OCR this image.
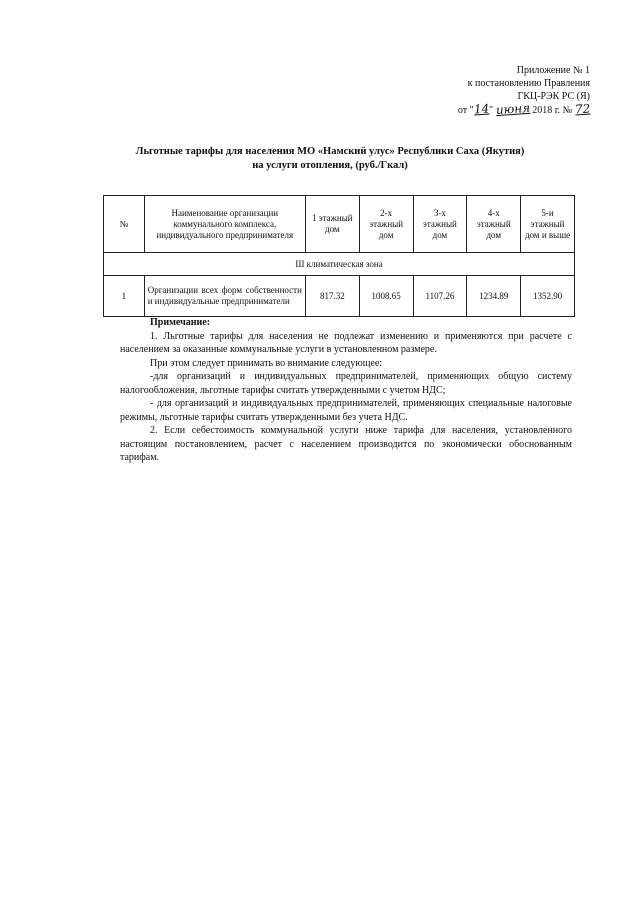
Приложение № 1
к постановлению Правления
ГКЦ-РЭК РС (Я)
от "14" июня 2018 г. № 72
Льготные тарифы для населения МО «Намский улус» Республики Саха (Якутия)
на услуги отопления, (руб./Гкал)
№	Наименование организации коммунального комплекса, индивидуального предпринимателя	1 этажный дом	2-х этажный дом	3-х этажный дом	4-х этажный дом	5-и этажный дом и выше
Ш климатическая зона						
1	Организации всех форм собственности и индивидуальные предприниматели	817.32	1008.65	1107.26	1234.89	1352.90
Примечание:

1. Льготные тарифы для населения не подлежат изменению и применяются при расчете с населением за оказанные коммунальные услуги в установленном размере.

При этом следует принимать во внимание следующее:

-для организаций и индивидуальных предпринимателей, применяющих общую систему налогообложения, льготные тарифы считать утвержденными с учетом НДС;

- для организаций и индивидуальных предпринимателей, применяющих специальные налоговые режимы, льготные тарифы считать утвержденными без учета НДС.

2. Если себестоимость коммунальной услуги ниже тарифа для населения, установленного настоящим постановлением, расчет с населением производится по экономически обоснованным тарифам.
